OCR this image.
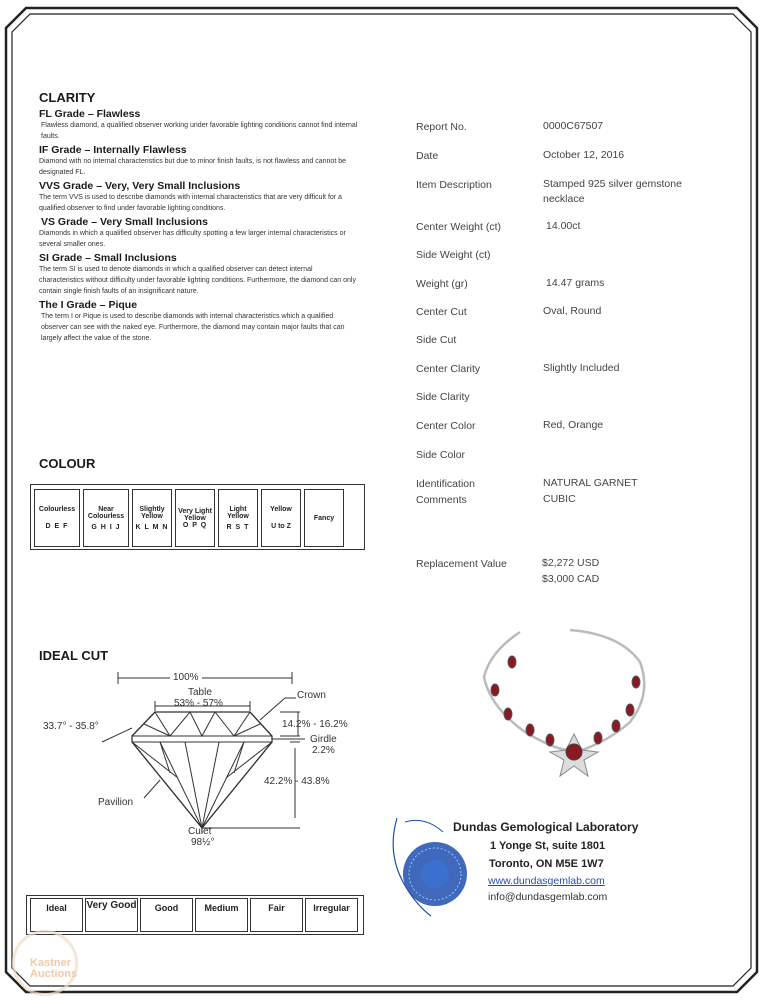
CLARITY
FL Grade – Flawless
Flawless diamond, a qualified observer working under favorable lighting conditions cannot find internal faults.
IF Grade – Internally Flawless
Diamond with no internal characteristics but due to minor finish faults, is not flawless and cannot be designated FL.
VVS Grade – Very, Very Small Inclusions
The term VVS is used to describe diamonds with internal characteristics that are very difficult for a qualified observer to find under favorable lighting conditions.
VS Grade – Very Small Inclusions
Diamonds in which a qualified observer has difficulty spotting a few larger internal characteristics or several smaller ones.
SI Grade – Small Inclusions
The term SI is used to denote diamonds in which a qualified observer can detect internal characteristics without difficulty under favorable lighting conditions. Furthermore, the diamond can only contain single finish faults of an insignificant nature.
The I Grade – Pique
The term I or Pique is used to describe diamonds with internal characteristics which a qualified observer can see with the naked eye. Furthermore, the diamond may contain major faults that can largely affect the value of the stone.
COLOUR
Colourless
D E F

Near Colourless
G H I J

Slightly Yellow
K L M N

Very Light Yellow
O P Q

Light Yellow
R S T

Yellow
U to Z

Fancy
IDEAL CUT
100%
Table
53% - 57%
Crown
33.7° - 35.8°	14.2% - 16.2%
Girdle
2.2%
42.2% - 43.8%
Pavilion
Culet
98½°
Ideal	Very Good	Good	Medium	Fair	Irregular
Report No.	0000C67507
Date	October 12, 2016
Item Description	Stamped 925 silver gemstone necklace
Center Weight (ct)	14.00ct
Side Weight (ct)
Weight (gr)	14.47 grams
Center Cut	Oval, Round
Side Cut
Center Clarity	Slightly Included
Side Clarity
Center Color	Red, Orange
Side Color
Identification	NATURAL GARNET
Comments	CUBIC
Replacement Value	$2,272 USD
$3,000 CAD
Dundas Gemological Laboratory
1 Yonge St, suite 1801
Toronto, ON M5E 1W7
www.dundasgemlab.com
info@dundasgemlab.com
Kastner Auctions
